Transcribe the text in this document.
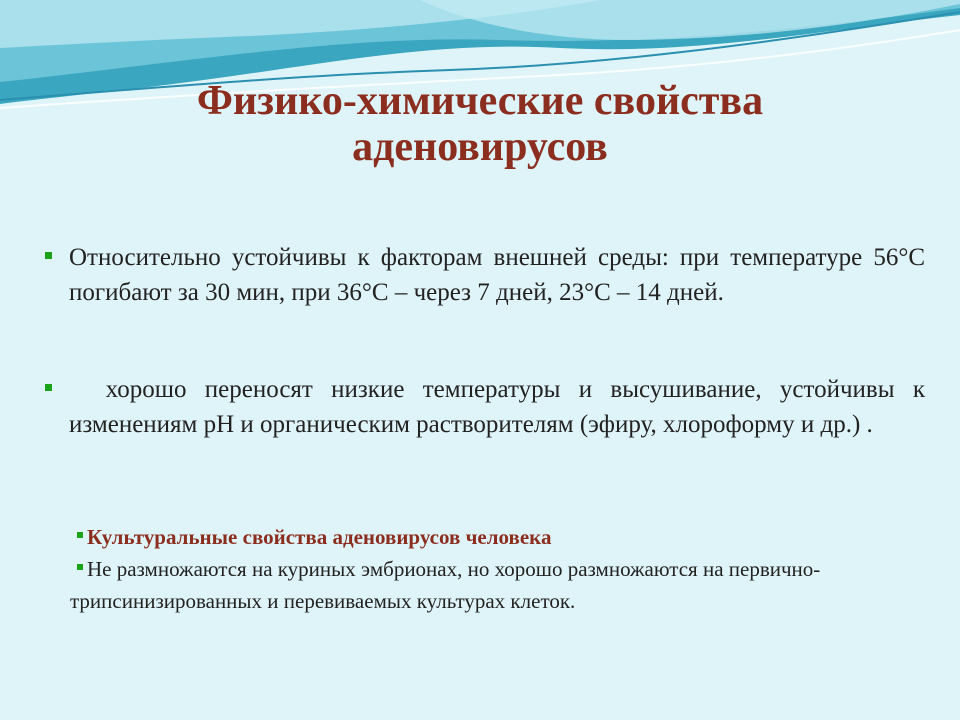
Физико-химические свойства
аденовирусов
Относительно устойчивы к факторам внешней среды: при температуре 56°С погибают за 30 мин, при 36°С – через 7 дней, 23°С – 14 дней.
хорошо переносят низкие температуры и высушивание, устойчивы к изменениям рН и органическим растворителям (эфиру, хлороформу и др.) .
Культуральные свойства аденовирусов человека
Не размножаются на куриных эмбрионах, но хорошо размножаются на первично-трипсинизированных и перевиваемых культурах клеток.
